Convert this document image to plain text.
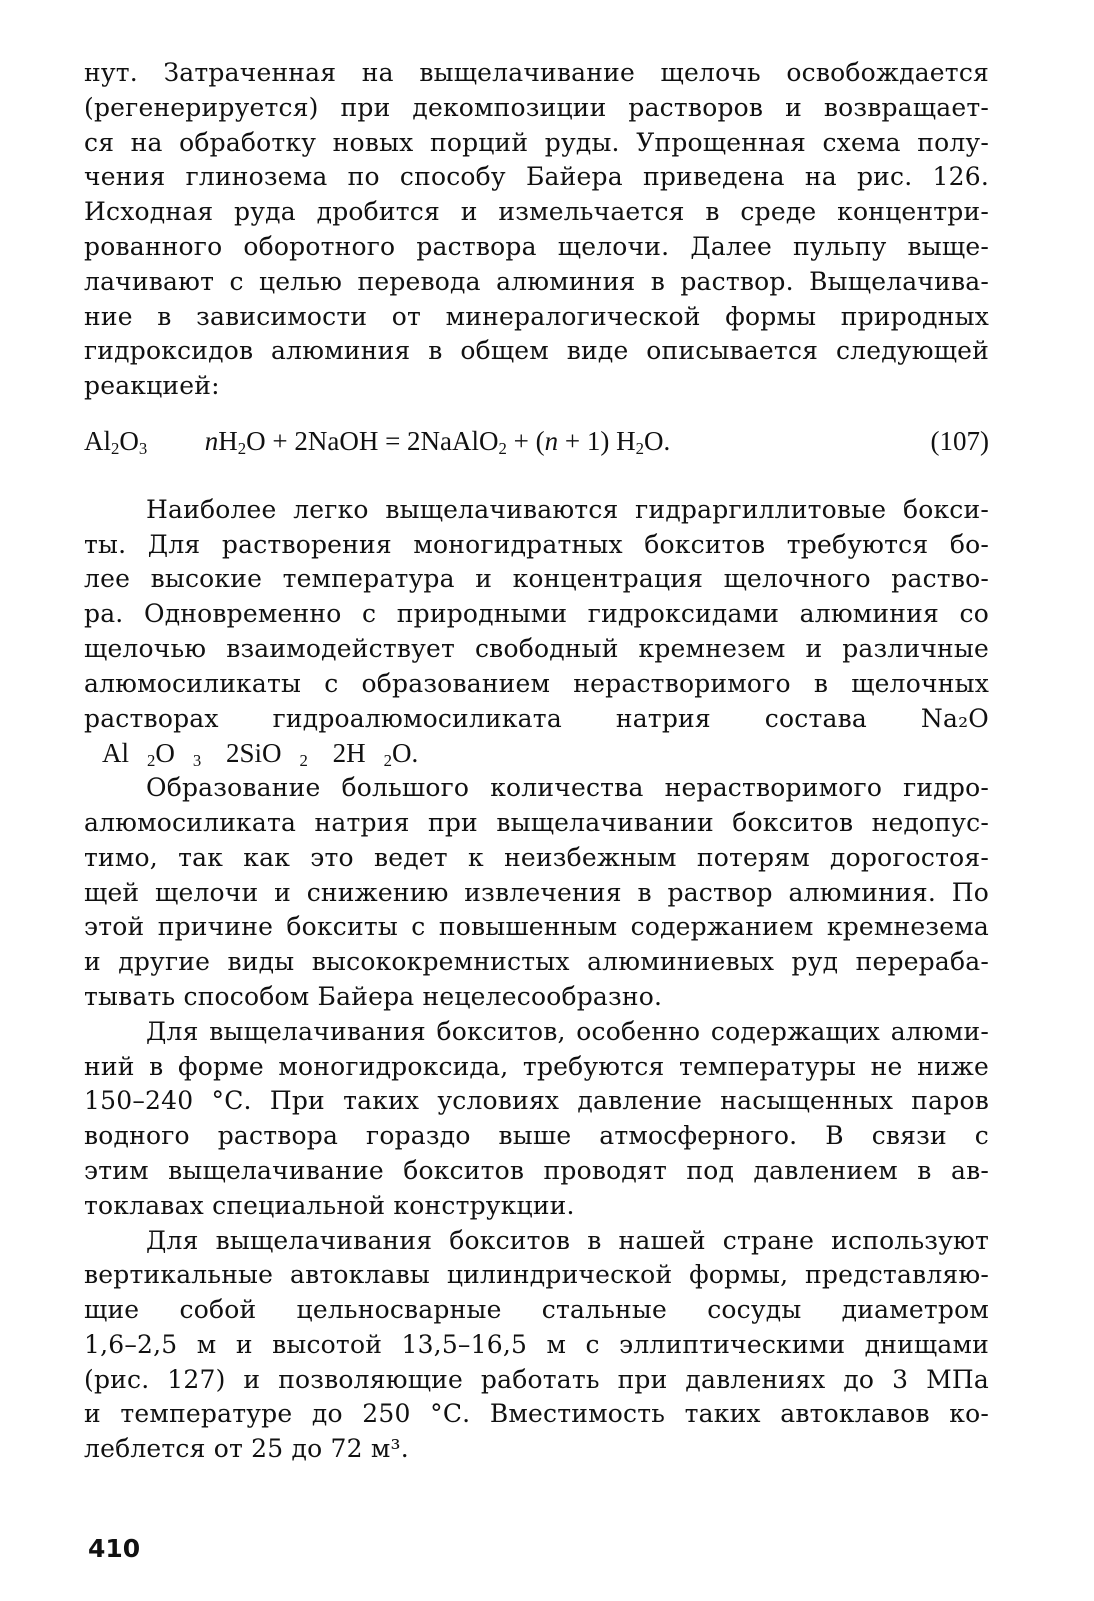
нут. Затраченная на выщелачивание щелочь освобождается
(регенерируется) при декомпозиции растворов и возвращает-
ся на обработку новых порций руды. Упрощенная схема полу-
чения глинозема по способу Байера приведена на рис. 126.
Исходная руда дробится и измельчается в среде концентри-
рованного оборотного раствора щелочи. Далее пульпу выще-
лачивают с целью перевода алюминия в раствор. Выщелачива-
ние в зависимости от минералогической формы природных
гидроксидов алюминия в общем виде описывается следующей
реакцией:
$Al_2O_3$ $nH_2O$ + 2NaOH = 2NaAlO$_2$ + (n + 1) $H_2O$.	(107)
Наиболее легко выщелачиваются гидраргиллитовые бокси-
ты. Для растворения моногидратных бокситов требуются бо-
лее высокие температура и концентрация щелочного раство-
ра. Одновременно с природными гидроксидами алюминия со
щелочью взаимодействует свободный кремнезем и различные
алюмосиликаты с образованием нерастворимого в щелочных
растворах гидроалюмосиликата натрия состава Na₂O
Al $_2$O $_3$ 2SiO $_2$ 2H $_2$O.
Образование большого количества нерастворимого гидро-
алюмосиликата натрия при выщелачивании бокситов недопус-
тимо, так как это ведет к неизбежным потерям дорогостоя-
щей щелочи и снижению извлечения в раствор алюминия. По
этой причине бокситы с повышенным содержанием кремнезема
и другие виды высококремнистых алюминиевых руд перераба-
тывать способом Байера нецелесообразно.
Для выщелачивания бокситов, особенно содержащих алюми-
ний в форме моногидроксида, требуются температуры не ниже
150–240 °С. При таких условиях давление насыщенных паров
водного раствора гораздо выше атмосферного. В связи с
этим выщелачивание бокситов проводят под давлением в ав-
токлавах специальной конструкции.
Для выщелачивания бокситов в нашей стране используют
вертикальные автоклавы цилиндрической формы, представляю-
щие собой цельносварные стальные сосуды диаметром
1,6–2,5 м и высотой 13,5–16,5 м с эллиптическими днищами
(рис. 127) и позволяющие работать при давлениях до 3 МПа
и температуре до 250 °С. Вместимость таких автоклавов ко-
леблется от 25 до 72 м³.
410
